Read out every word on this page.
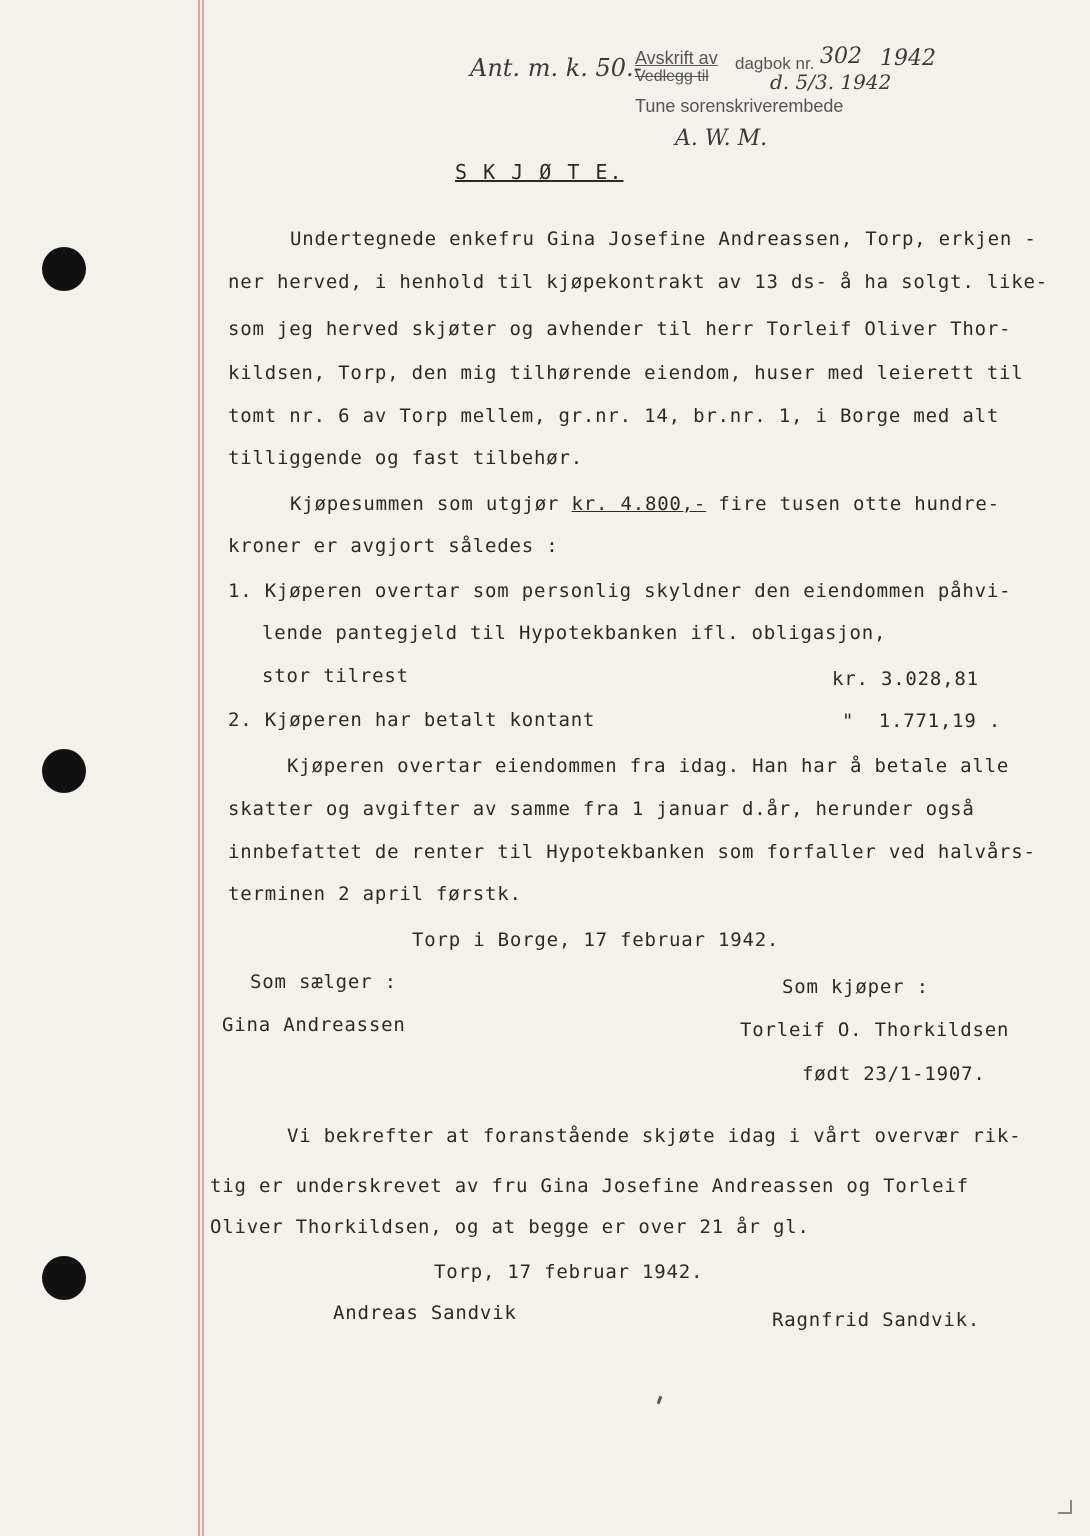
Ant. m. k. 50.-
Avskrift av
Vedlegg til
dagbok nr. 302 1942
d. 5/3. 1942
Tune sorenskriverembede
A. W. M.
S K J Ø T E.
Undertegnede enkefru Gina Josefine Andreassen, Torp, erkjen -
ner herved, i henhold til kjøpekontrakt av 13 ds- å ha solgt. like-
som jeg herved skjøter og avhender til herr Torleif Oliver Thor-
kildsen, Torp, den mig tilhørende eiendom, huser med leierett til
tomt nr. 6 av Torp mellem, gr.nr. 14, br.nr. 1, i Borge med alt
tilliggende og fast tilbehør.
Kjøpesummen som utgjør kr. 4.800,- fire tusen otte hundre-
kroner er avgjort således :
1. Kjøperen overtar som personlig skyldner den eiendommen påhvi-
lende pantegjeld til Hypotekbanken ifl. obligasjon,
stor tilrest	kr. 3.028,81
2. Kjøperen har betalt kontant	"  1.771,19 .
Kjøperen overtar eiendommen fra idag. Han har å betale alle
skatter og avgifter av samme fra 1 januar d.år, herunder også
innbefattet de renter til Hypotekbanken som forfaller ved halvårs-
terminen 2 april førstk.
Torp i Borge, 17 februar 1942.
Som sælger :	Som kjøper :
Gina Andreassen	Torleif O. Thorkildsen
født 23/1-1907.
Vi bekrefter at foranstående skjøte idag i vårt overvær rik-
tig er underskrevet av fru Gina Josefine Andreassen og Torleif
Oliver Thorkildsen, og at begge er over 21 år gl.
Torp, 17 februar 1942.
Andreas Sandvik	Ragnfrid Sandvik.
